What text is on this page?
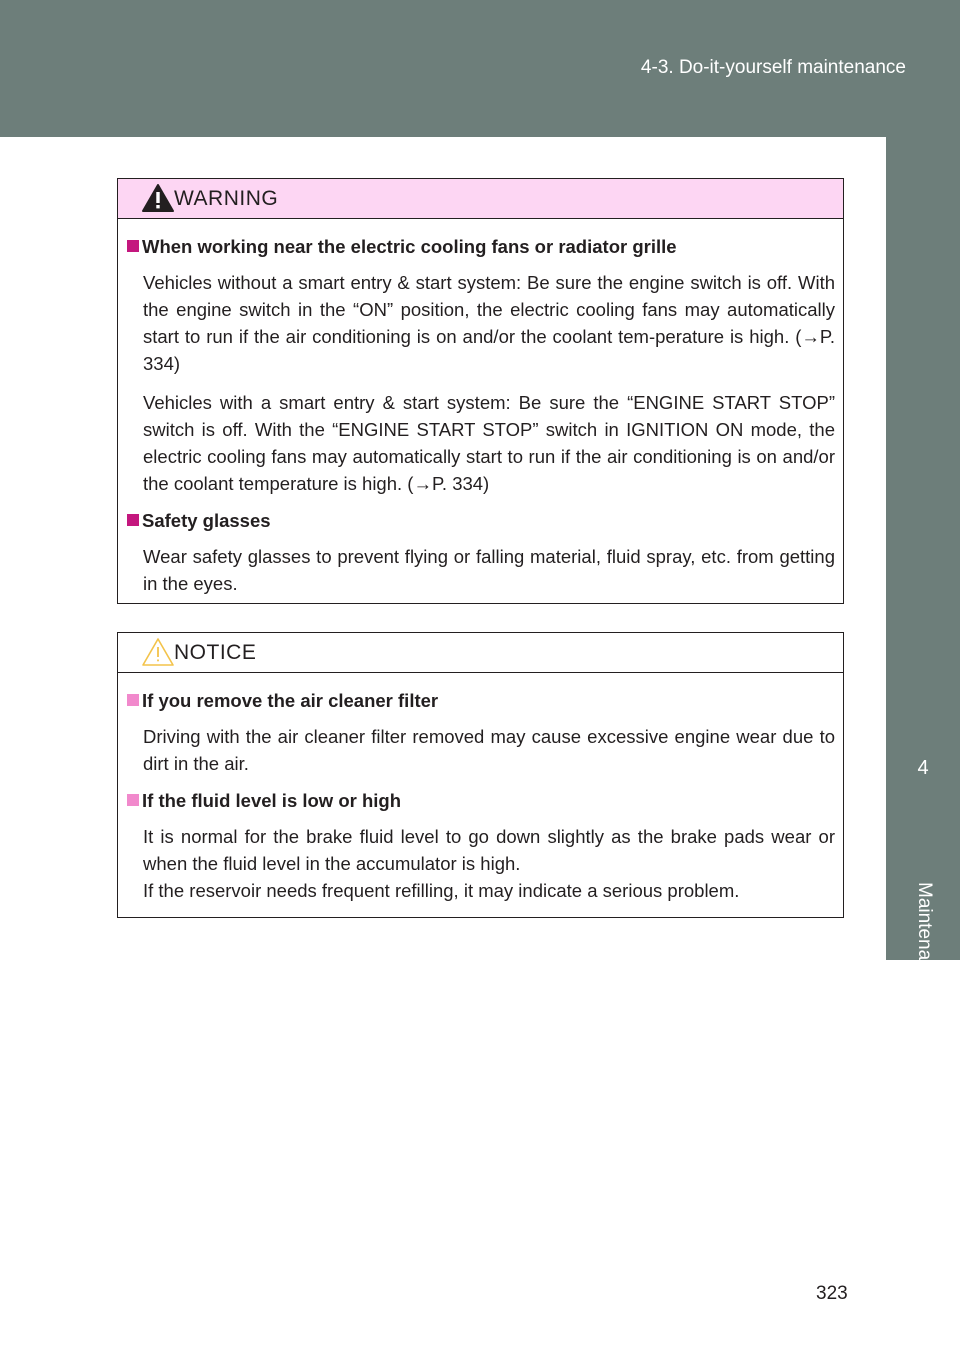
4-3. Do-it-yourself maintenance
4
Maintenance and care
WARNING
When working near the electric cooling fans or radiator grille

Vehicles without a smart entry & start system: Be sure the engine switch is off. With the engine switch in the “ON” position, the electric cooling fans may automatically start to run if the air conditioning is on and/or the coolant tem-perature is high. (→P. 334)

Vehicles with a smart entry & start system: Be sure the “ENGINE START STOP” switch is off. With the “ENGINE START STOP” switch in IGNITION ON mode, the electric cooling fans may automatically start to run if the air conditioning is on and/or the coolant temperature is high. (→P. 334)

Safety glasses

Wear safety glasses to prevent flying or falling material, fluid spray, etc. from getting in the eyes.

NOTICE
If you remove the air cleaner filter

Driving with the air cleaner filter removed may cause excessive engine wear due to dirt in the air.

If the fluid level is low or high

It is normal for the brake fluid level to go down slightly as the brake pads wear or when the fluid level in the accumulator is high.

If the reservoir needs frequent refilling, it may indicate a serious problem.

323
